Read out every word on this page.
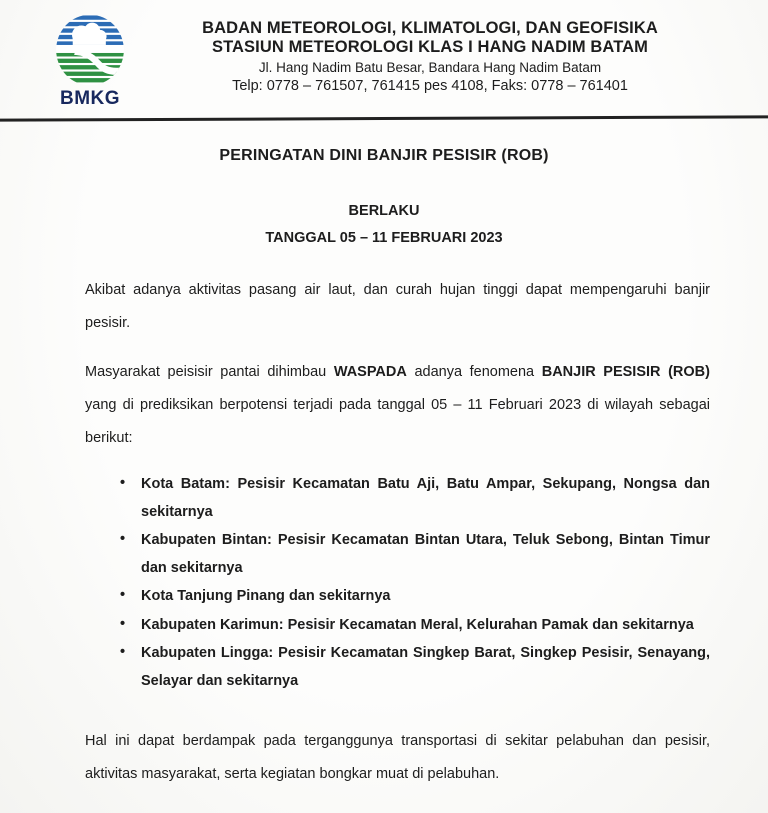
BMKG
BADAN METEOROLOGI, KLIMATOLOGI, DAN GEOFISIKA
STASIUN METEOROLOGI KLAS I HANG NADIM BATAM
Jl. Hang Nadim Batu Besar, Bandara Hang Nadim Batam
Telp: 0778 – 761507, 761415 pes 4108, Faks: 0778 – 761401
PERINGATAN DINI BANJIR PESISIR (ROB)
BERLAKU
TANGGAL 05 – 11 FEBRUARI 2023

Akibat adanya aktivitas pasang air laut, dan curah hujan tinggi dapat mempengaruhi banjir pesisir.

Masyarakat peisisir pantai dihimbau WASPADA adanya fenomena BANJIR PESISIR (ROB) yang di prediksikan berpotensi terjadi pada tanggal 05 – 11 Februari 2023 di wilayah sebagai berikut:

• Kota Batam: Pesisir Kecamatan Batu Aji, Batu Ampar, Sekupang, Nongsa dan sekitarnya
• Kabupaten Bintan: Pesisir Kecamatan Bintan Utara, Teluk Sebong, Bintan Timur dan sekitarnya
• Kota Tanjung Pinang dan sekitarnya
• Kabupaten Karimun: Pesisir Kecamatan Meral, Kelurahan Pamak dan sekitarnya
• Kabupaten Lingga: Pesisir Kecamatan Singkep Barat, Singkep Pesisir, Senayang, Selayar dan sekitarnya

Hal ini dapat berdampak pada terganggunya transportasi di sekitar pelabuhan dan pesisir, aktivitas masyarakat, serta kegiatan bongkar muat di pelabuhan.
